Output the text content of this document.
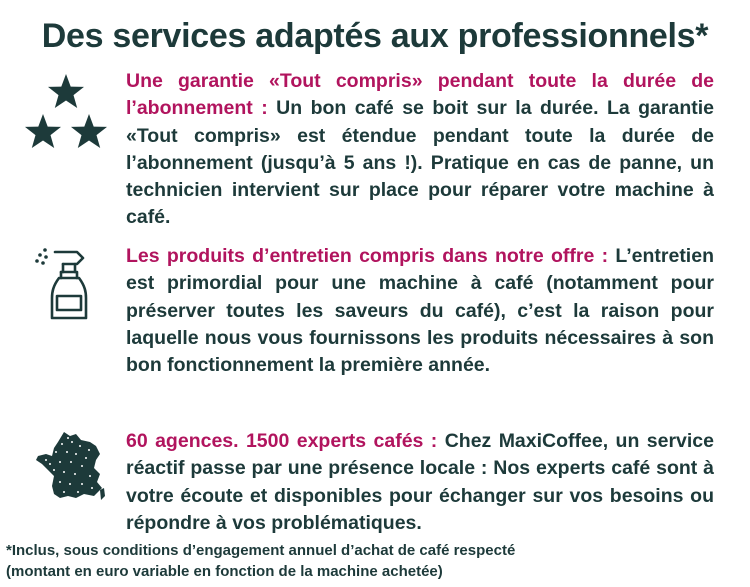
Des services adaptés aux professionnels*
Une garantie «Tout compris» pendant toute la durée de l’abonnement : Un bon café se boit sur la durée. La garantie «Tout compris» est étendue pendant toute la durée de l’abonnement (jusqu’à 5 ans !). Pratique en cas de panne, un technicien intervient sur place pour réparer votre machine à café.
Les produits d’entretien compris dans notre offre : L’entretien est primordial pour une machine à café (notamment pour préserver toutes les saveurs du café), c’est la raison pour laquelle nous vous fournissons les produits nécessaires à son bon fonctionnement la première année.
60 agences. 1500 experts cafés : Chez MaxiCoffee, un service réactif passe par une présence locale : Nos experts café sont à votre écoute et disponibles pour échanger sur vos besoins ou répondre à vos problématiques.
*Inclus, sous conditions d’engagement annuel d’achat de café respecté
(montant en euro variable en fonction de la machine achetée)
